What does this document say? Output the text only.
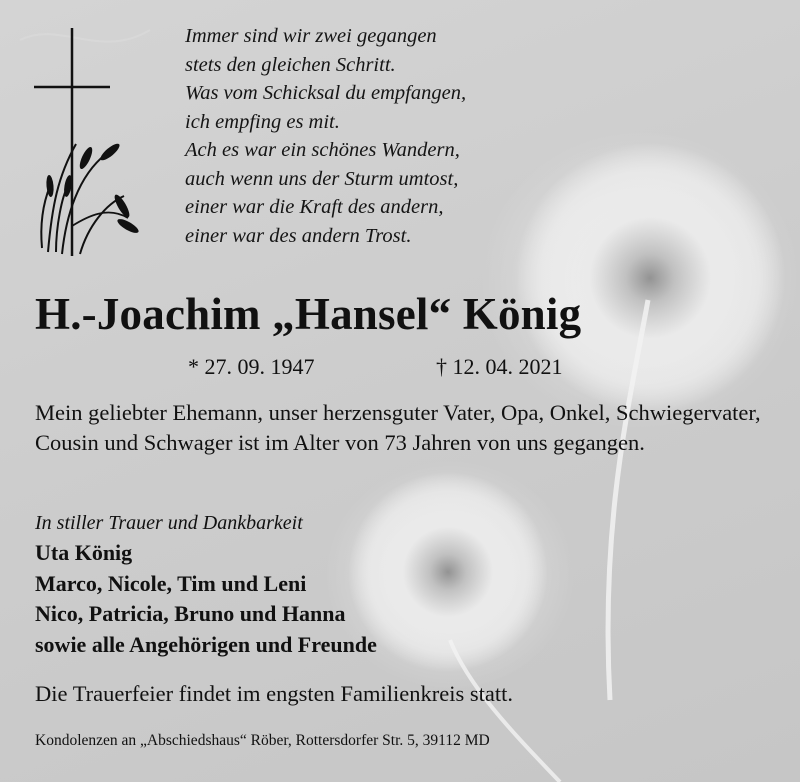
Immer sind wir zwei gegangen
stets den gleichen Schritt.
Was vom Schicksal du empfangen,
ich empfing es mit.
Ach es war ein schönes Wandern,
auch wenn uns der Sturm umtost,
einer war die Kraft des andern,
einer war des andern Trost.
H.-Joachim „Hansel“ König
* 27. 09. 1947	† 12. 04. 2021

Mein geliebter Ehemann, unser herzensguter Vater, Opa, Onkel, Schwiegervater, Cousin und Schwager ist im Alter von 73 Jahren von uns gegangen.

In stiller Trauer und Dankbarkeit

Uta König
Marco, Nicole, Tim und Leni
Nico, Patricia, Bruno und Hanna
sowie alle Angehörigen und Freunde

Die Trauerfeier findet im engsten Familienkreis statt.

Kondolenzen an „Abschiedshaus“ Röber, Rottersdorfer Str. 5, 39112 MD
